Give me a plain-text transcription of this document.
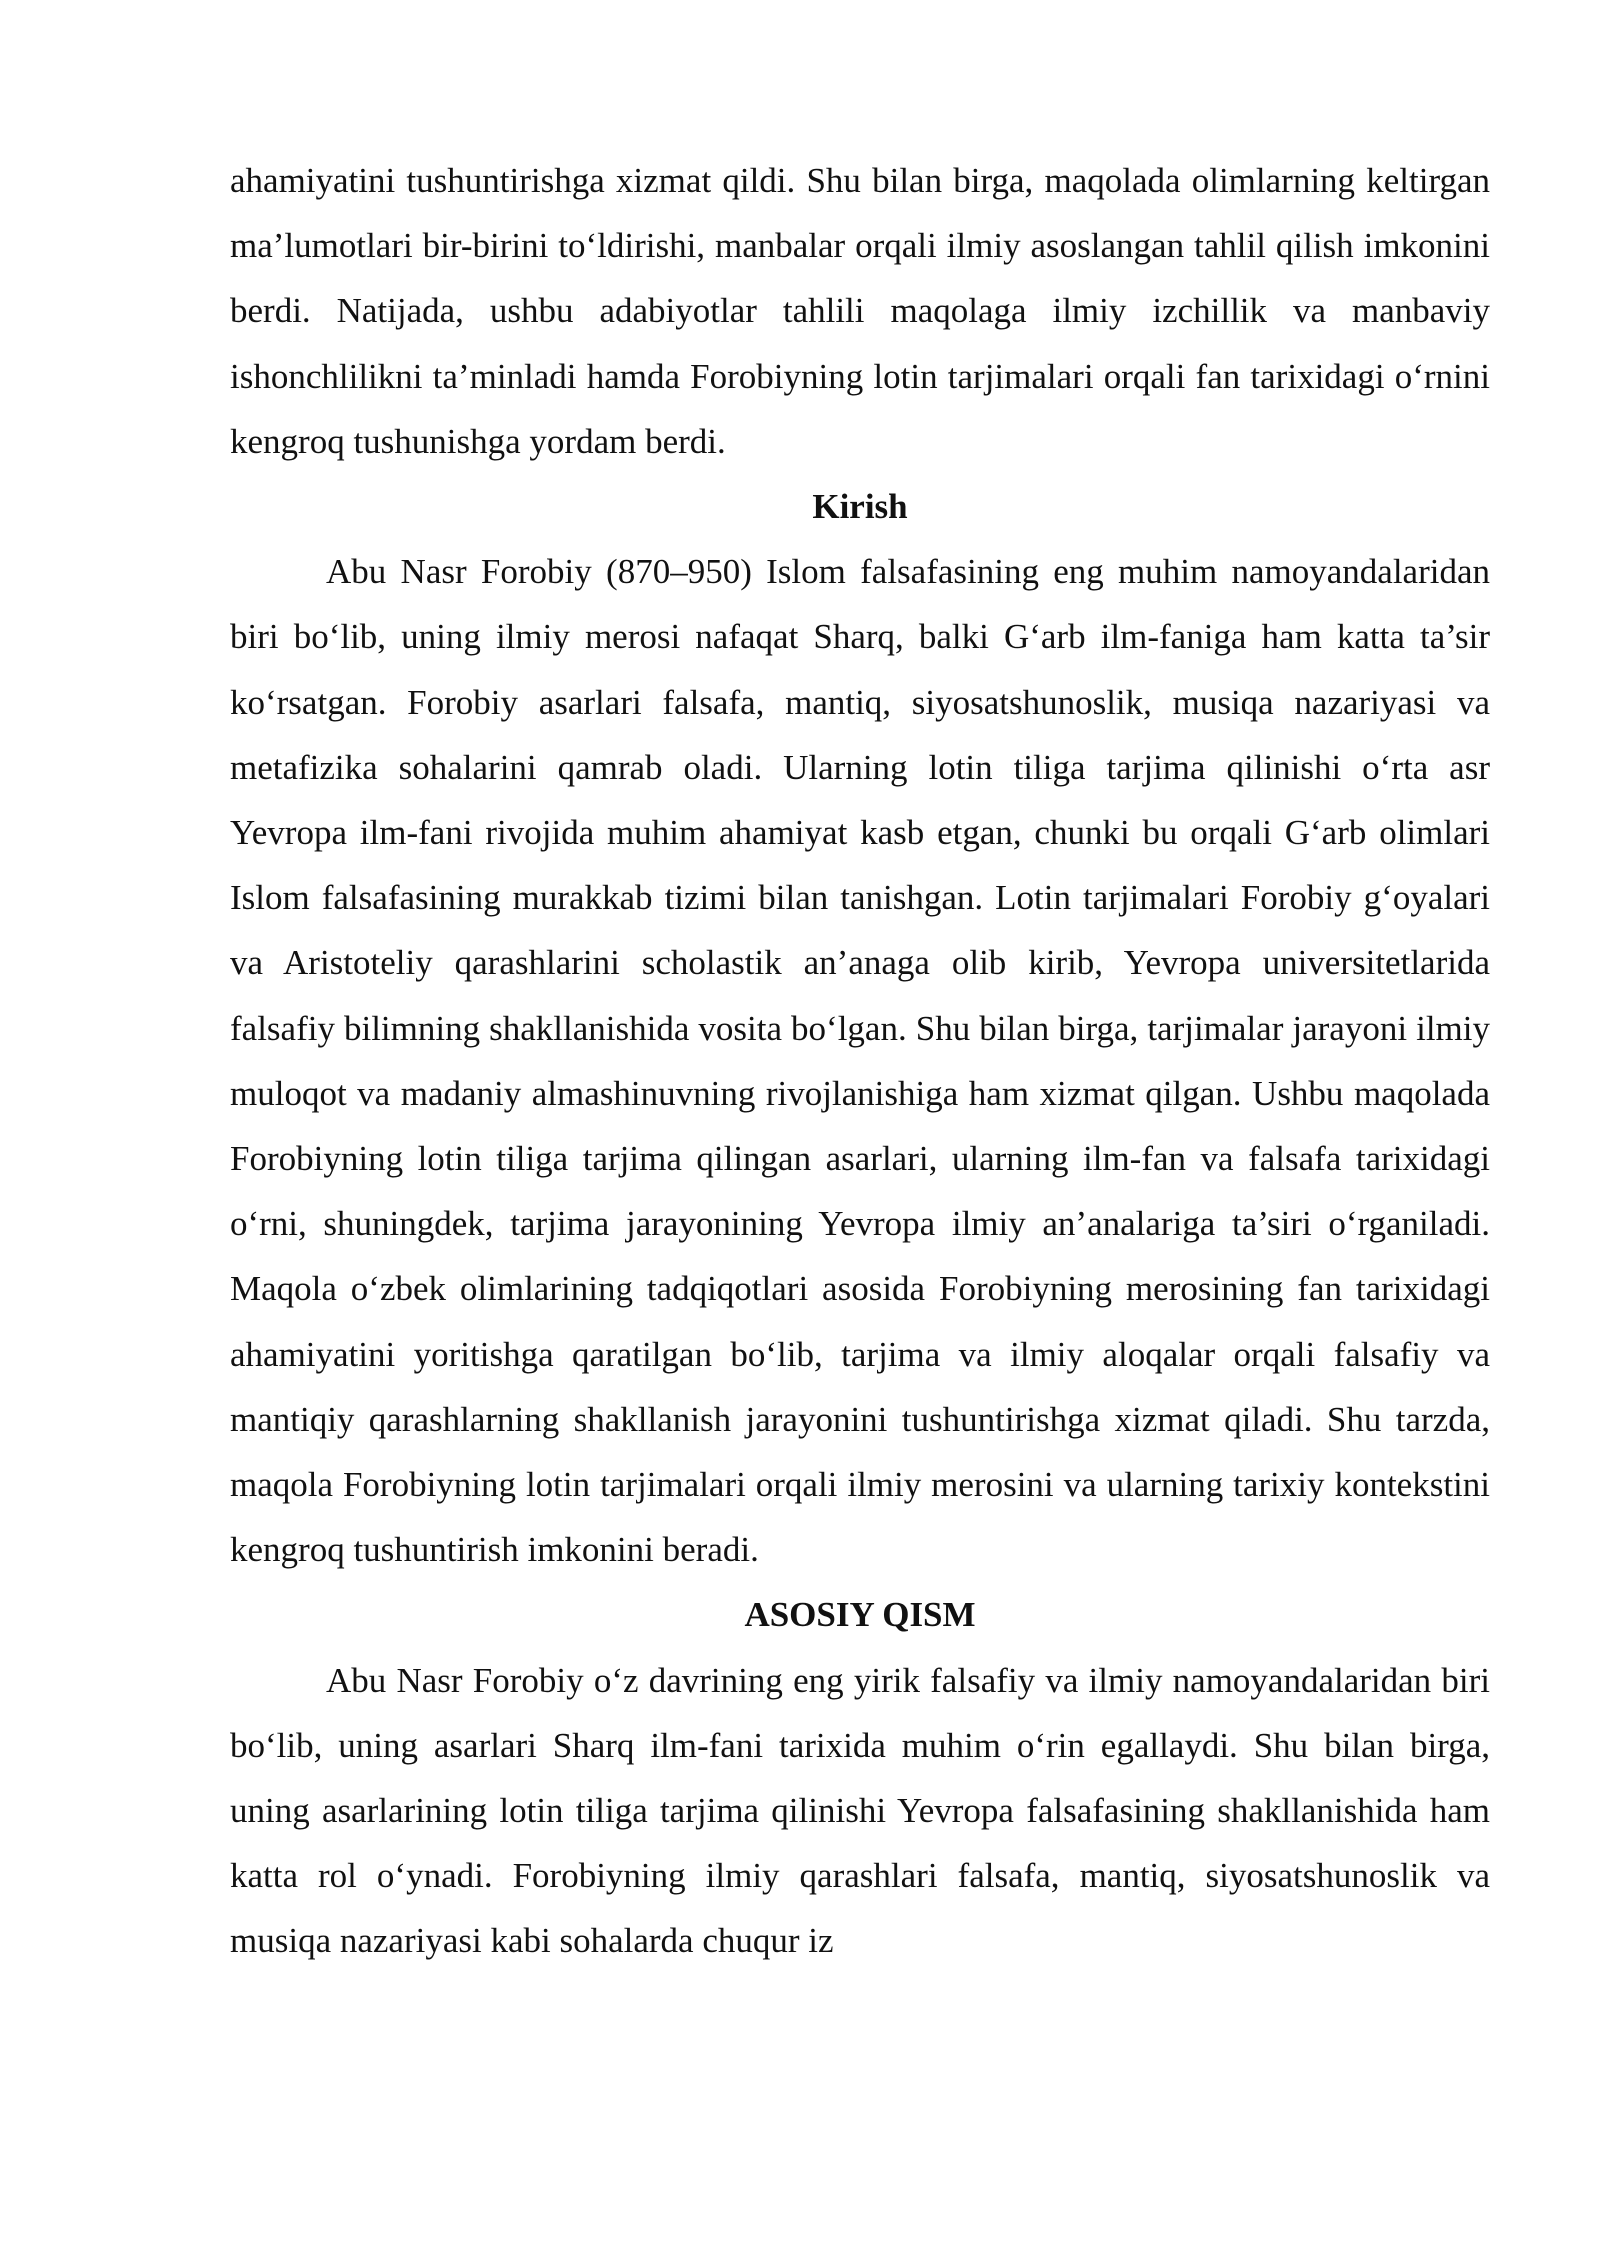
ahamiyatini tushuntirishga xizmat qildi. Shu bilan birga, maqolada olimlarning keltirgan ma’lumotlari bir-birini to‘ldirishi, manbalar orqali ilmiy asoslangan tahlil qilish imkonini berdi. Natijada, ushbu adabiyotlar tahlili maqolaga ilmiy izchillik va manbaviy ishonchlilikni ta’minladi hamda Forobiyning lotin tarjimalari orqali fan tarixidagi o‘rnini kengroq tushunishga yordam berdi.

Kirish

Abu Nasr Forobiy (870–950) Islom falsafasining eng muhim namoyandalaridan biri bo‘lib, uning ilmiy merosi nafaqat Sharq, balki G‘arb ilm-faniga ham katta ta’sir ko‘rsatgan. Forobiy asarlari falsafa, mantiq, siyosatshunoslik, musiqa nazariyasi va metafizika sohalarini qamrab oladi. Ularning lotin tiliga tarjima qilinishi o‘rta asr Yevropa ilm-fani rivojida muhim ahamiyat kasb etgan, chunki bu orqali G‘arb olimlari Islom falsafasining murakkab tizimi bilan tanishgan. Lotin tarjimalari Forobiy g‘oyalari va Aristoteliy qarashlarini scholastik an’anaga olib kirib, Yevropa universitetlarida falsafiy bilimning shakllanishida vosita bo‘lgan. Shu bilan birga, tarjimalar jarayoni ilmiy muloqot va madaniy almashinuvning rivojlanishiga ham xizmat qilgan. Ushbu maqolada Forobiyning lotin tiliga tarjima qilingan asarlari, ularning ilm-fan va falsafa tarixidagi o‘rni, shuningdek, tarjima jarayonining Yevropa ilmiy an’analariga ta’siri o‘rganiladi. Maqola o‘zbek olimlarining tadqiqotlari asosida Forobiyning merosining fan tarixidagi ahamiyatini yoritishga qaratilgan bo‘lib, tarjima va ilmiy aloqalar orqali falsafiy va mantiqiy qarashlarning shakllanish jarayonini tushuntirishga xizmat qiladi. Shu tarzda, maqola Forobiyning lotin tarjimalari orqali ilmiy merosini va ularning tarixiy kontekstini kengroq tushuntirish imkonini beradi.

ASOSIY QISM

Abu Nasr Forobiy o‘z davrining eng yirik falsafiy va ilmiy namoyandalaridan biri bo‘lib, uning asarlari Sharq ilm-fani tarixida muhim o‘rin egallaydi. Shu bilan birga, uning asarlarining lotin tiliga tarjima qilinishi Yevropa falsafasining shakllanishida ham katta rol o‘ynadi. Forobiyning ilmiy qarashlari falsafa, mantiq, siyosatshunoslik va musiqa nazariyasi kabi sohalarda chuqur iz
